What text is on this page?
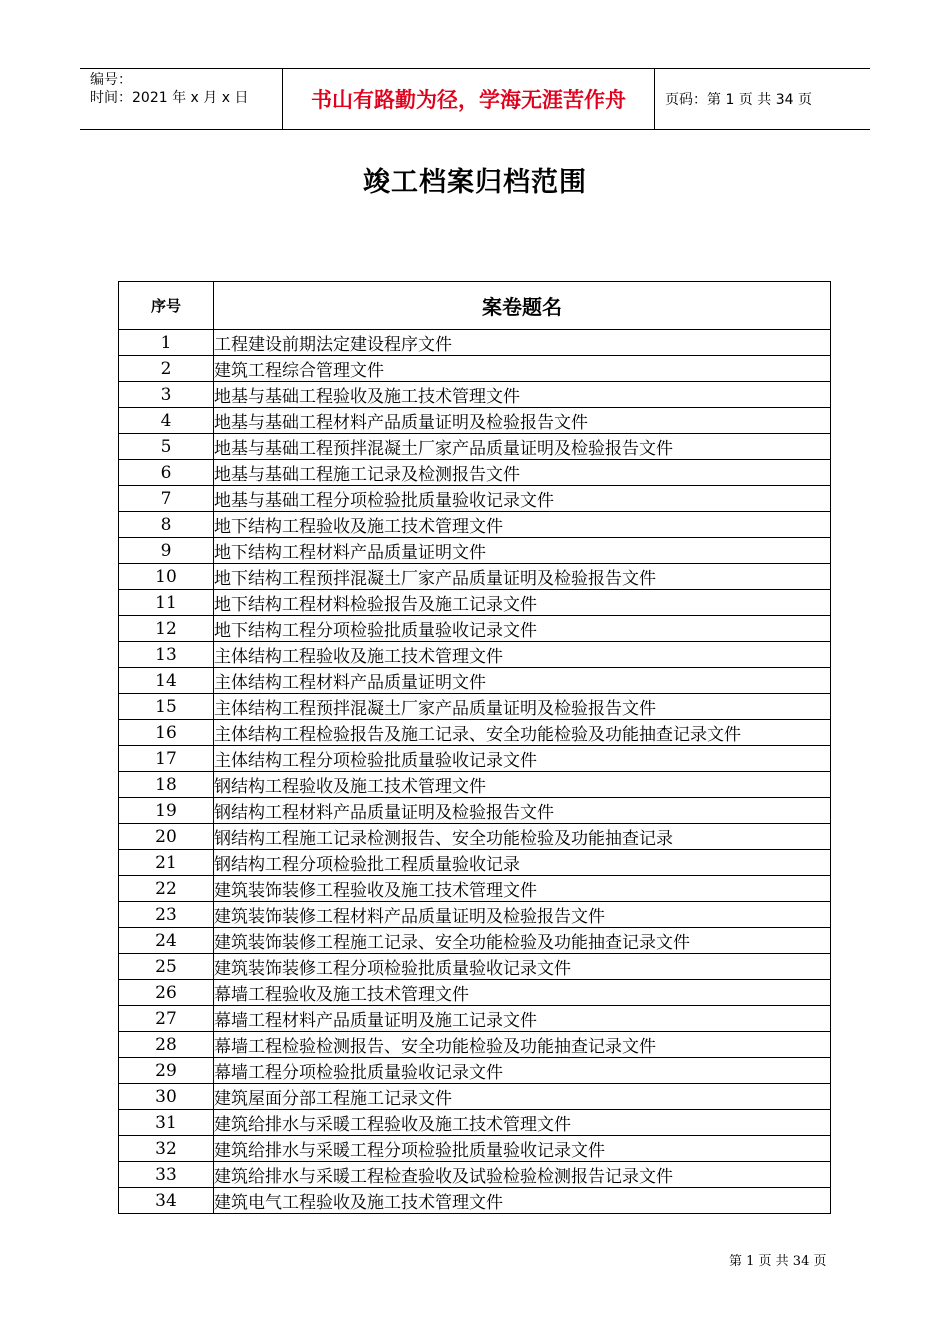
编号：
时间：2021 年 x 月 x 日	书山有路勤为径，学海无涯苦作舟	页码：第 1 页 共 34 页
竣工档案归档范围
序号	案卷题名
1	工程建设前期法定建设程序文件
2	建筑工程综合管理文件
3	地基与基础工程验收及施工技术管理文件
4	地基与基础工程材料产品质量证明及检验报告文件
5	地基与基础工程预拌混凝土厂家产品质量证明及检验报告文件
6	地基与基础工程施工记录及检测报告文件
7	地基与基础工程分项检验批质量验收记录文件
8	地下结构工程验收及施工技术管理文件
9	地下结构工程材料产品质量证明文件
10	地下结构工程预拌混凝土厂家产品质量证明及检验报告文件
11	地下结构工程材料检验报告及施工记录文件
12	地下结构工程分项检验批质量验收记录文件
13	主体结构工程验收及施工技术管理文件
14	主体结构工程材料产品质量证明文件
15	主体结构工程预拌混凝土厂家产品质量证明及检验报告文件
16	主体结构工程检验报告及施工记录、安全功能检验及功能抽查记录文件
17	主体结构工程分项检验批质量验收记录文件
18	钢结构工程验收及施工技术管理文件
19	钢结构工程材料产品质量证明及检验报告文件
20	钢结构工程施工记录检测报告、安全功能检验及功能抽查记录
21	钢结构工程分项检验批工程质量验收记录
22	建筑装饰装修工程验收及施工技术管理文件
23	建筑装饰装修工程材料产品质量证明及检验报告文件
24	建筑装饰装修工程施工记录、安全功能检验及功能抽查记录文件
25	建筑装饰装修工程分项检验批质量验收记录文件
26	幕墙工程验收及施工技术管理文件
27	幕墙工程材料产品质量证明及施工记录文件
28	幕墙工程检验检测报告、安全功能检验及功能抽查记录文件
29	幕墙工程分项检验批质量验收记录文件
30	建筑屋面分部工程施工记录文件
31	建筑给排水与采暖工程验收及施工技术管理文件
32	建筑给排水与采暖工程分项检验批质量验收记录文件
33	建筑给排水与采暖工程检查验收及试验检验检测报告记录文件
34	建筑电气工程验收及施工技术管理文件
第 1 页 共 34 页
